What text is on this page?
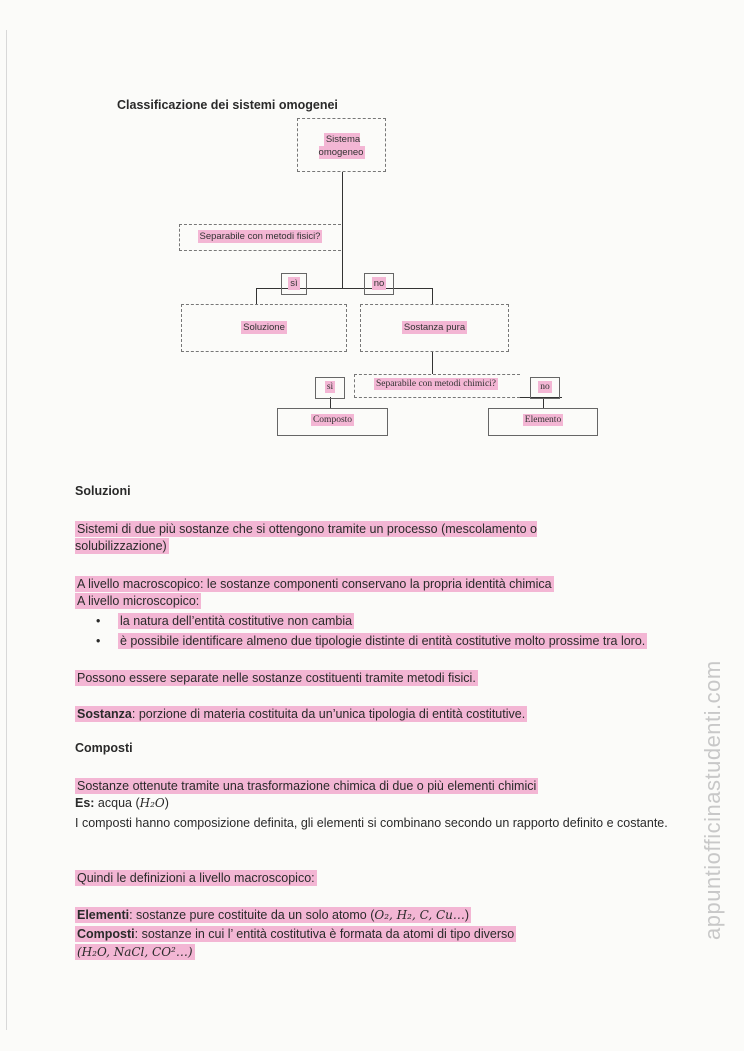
Classificazione dei sistemi omogenei
Sistema omogeneo
Separabile con metodi fisici?
sì	no
Soluzione	Sostanza pura
Separabile con metodi chimici?
sì	no
Composto	Elemento
Soluzioni
Sistemi di due più sostanze che si ottengono tramite un processo (mescolamento o solubilizzazione)
A livello macroscopico: le sostanze componenti conservano la propria identità chimica
A livello microscopico:
• la natura dell’entità costitutive non cambia
• è possibile identificare almeno due tipologie distinte di entità costitutive molto prossime tra loro.
Possono essere separate nelle sostanze costituenti tramite metodi fisici.
Sostanza: porzione di materia costituita da un’unica tipologia di entità costitutive.
Composti
Sostanze ottenute tramite una trasformazione chimica di due o più elementi chimici
Es: acqua (H₂O)
I composti hanno composizione definita, gli elementi si combinano secondo un rapporto definito e costante.
Quindi le definizioni a livello macroscopico:
Elementi: sostanze pure costituite da un solo atomo (O₂, H₂, C, Cu…)
Composti: sostanze in cui l’ entità costitutiva è formata da atomi di tipo diverso
(H₂O, NaCl, CO²…)
appuntiofficinastudenti.com
